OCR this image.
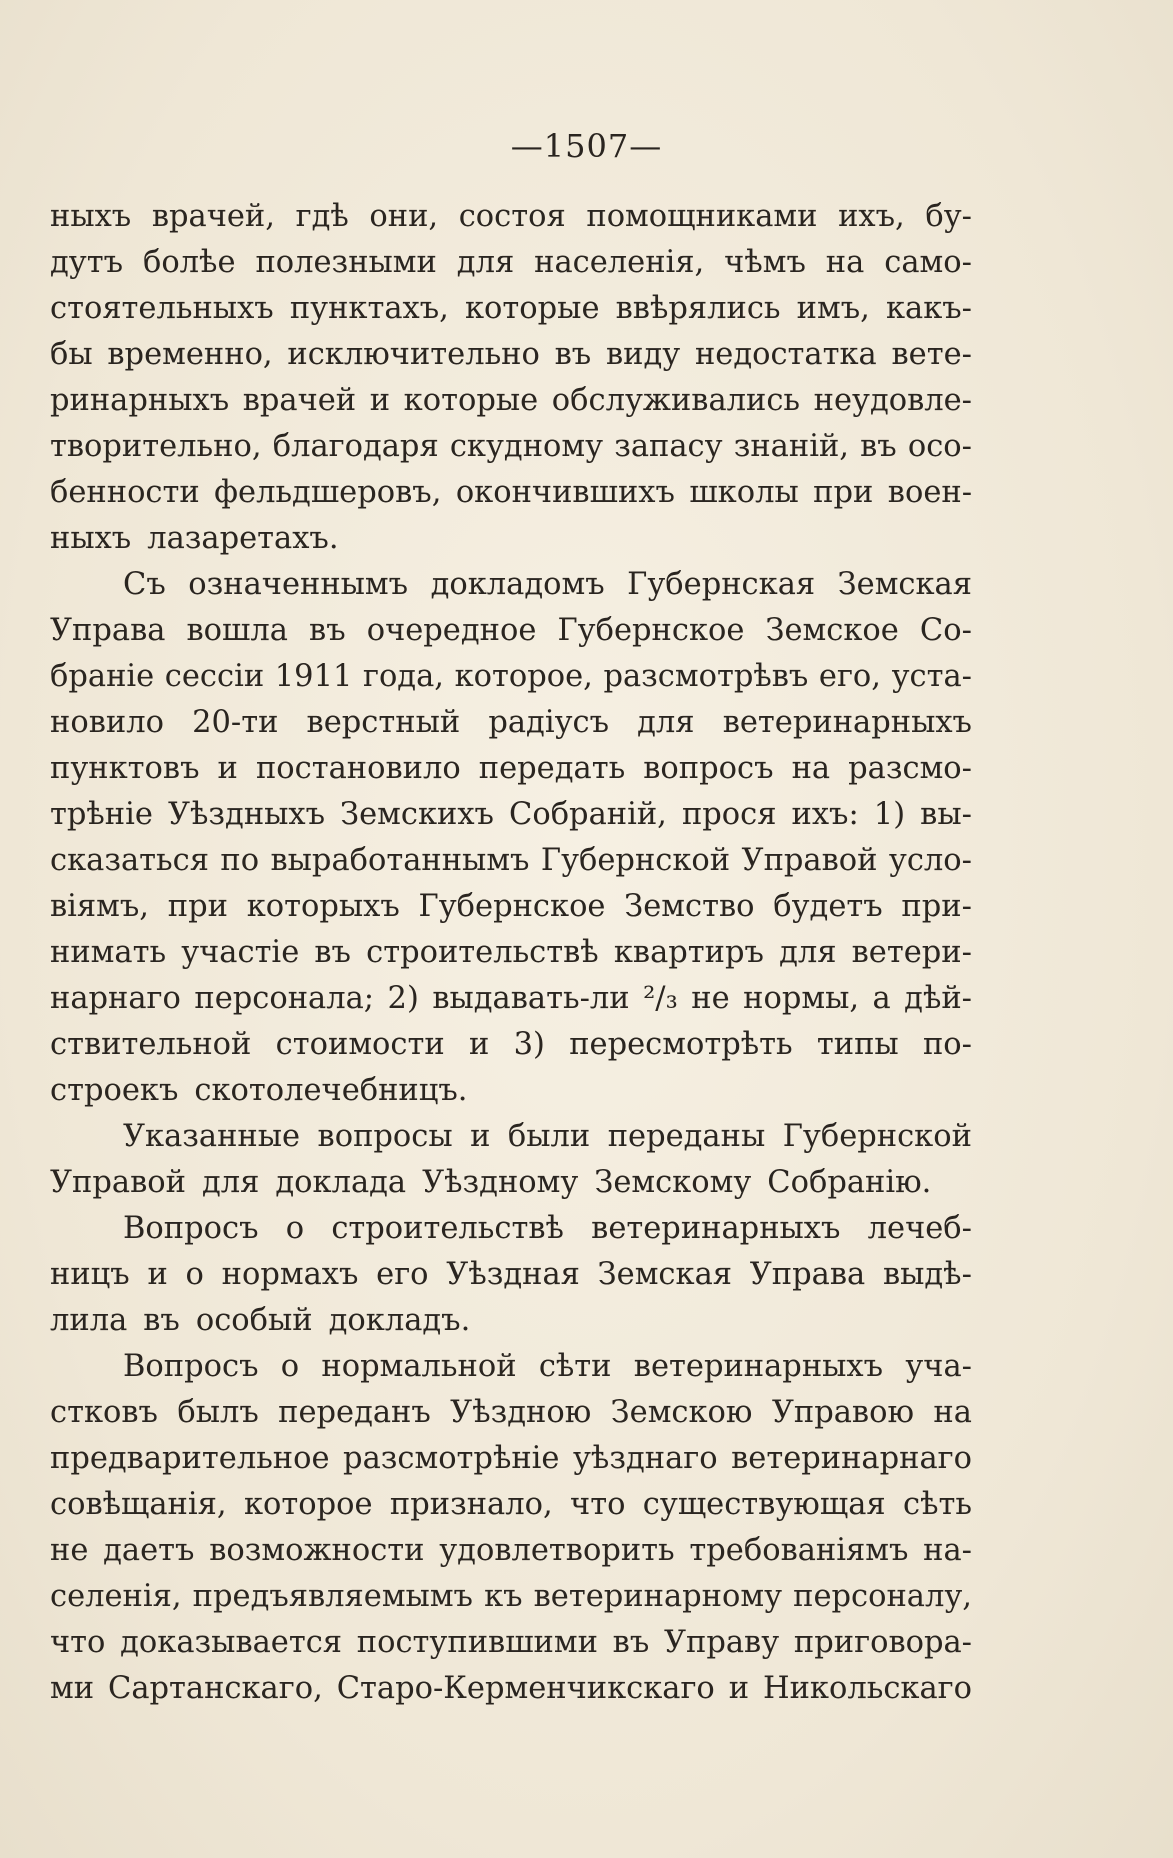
—1507—
ныхъ врачей, гдѣ они, состоя помощниками ихъ, бу-
дутъ болѣе полезными для населенія, чѣмъ на само-
стоятельныхъ пунктахъ, которые ввѣрялись имъ, какъ-
бы временно, исключительно въ виду недостатка вете-
ринарныхъ врачей и которые обслуживались неудовле-
творительно, благодаря скудному запасу знаній, въ осо-
бенности фельдшеровъ, окончившихъ школы при воен-
ныхъ лазаретахъ.
Съ означеннымъ докладомъ Губернская Земская
Управа вошла въ очередное Губернское Земское Со-
браніе сессіи 1911 года, которое, разсмотрѣвъ его, уста-
новило 20-ти верстный радіусъ для ветеринарныхъ
пунктовъ и постановило передать вопросъ на разсмо-
трѣніе Уѣздныхъ Земскихъ Собраній, прося ихъ: 1) вы-
сказаться по выработаннымъ Губернской Управой усло-
віямъ, при которыхъ Губернское Земство будетъ при-
нимать участіе въ строительствѣ квартиръ для ветери-
нарнаго персонала; 2) выдавать-ли ²/₃ не нормы, а дѣй-
ствительной стоимости и 3) пересмотрѣть типы по-
строекъ скотолечебницъ.
Указанные вопросы и были переданы Губернской
Управой для доклада Уѣздному Земскому Собранію.
Вопросъ о строительствѣ ветеринарныхъ лечеб-
ницъ и о нормахъ его Уѣздная Земская Управа выдѣ-
лила въ особый докладъ.
Вопросъ о нормальной сѣти ветеринарныхъ уча-
стковъ былъ переданъ Уѣздною Земскою Управою на
предварительное разсмотрѣніе уѣзднаго ветеринарнаго
совѣщанія, которое признало, что существующая сѣть
не даетъ возможности удовлетворить требованіямъ на-
селенія, предъявляемымъ къ ветеринарному персоналу,
что доказывается поступившими въ Управу приговора-
ми Сартанскаго, Старо-Керменчикскаго и Никольскаго
